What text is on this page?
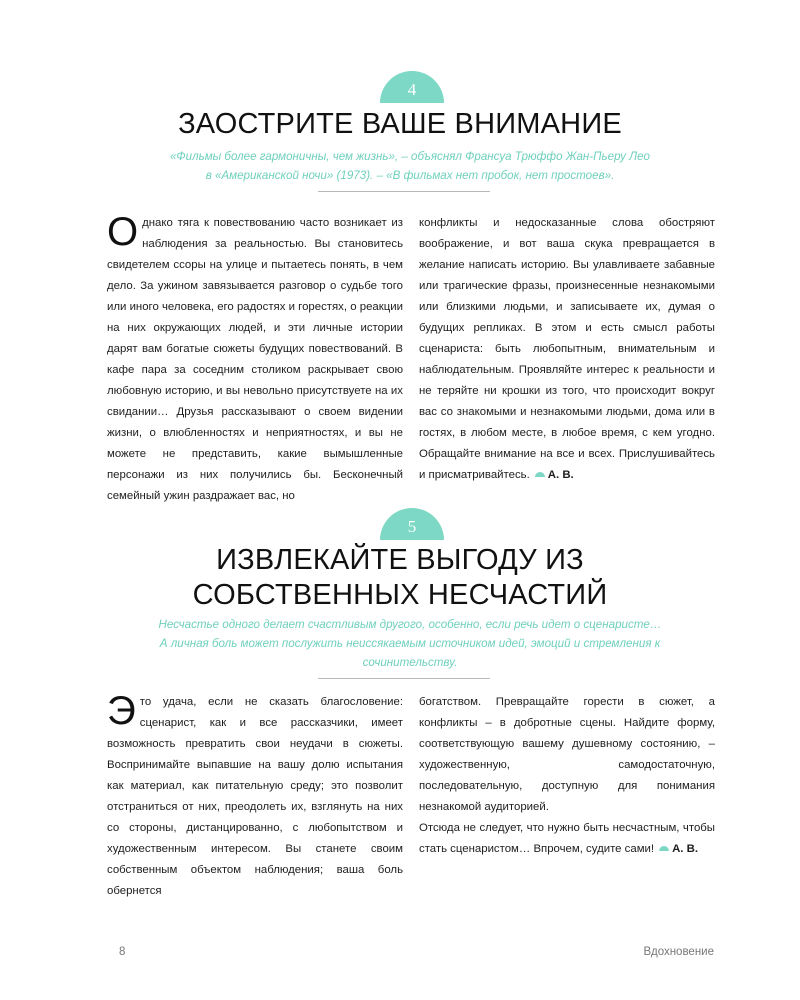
4
ЗАОСТРИТЕ ВАШЕ ВНИМАНИЕ
«Фильмы более гармоничны, чем жизнь», – объяснял Франсуа Трюффо Жан-Пьеру Лео
в «Американской ночи» (1973). – «В фильмах нет пробок, нет простоев».

Однако тяга к повествованию часто возникает из наблюдения за реальностью. Вы становитесь свидетелем ссоры на улице и пытаетесь понять, в чем дело. За ужином завязывается разговор о судьбе того или иного человека, его радостях и горестях, о реакции на них окружающих людей, и эти личные истории дарят вам богатые сюжеты будущих повествований. В кафе пара за соседним столиком раскрывает свою любовную историю, и вы невольно присутствуете на их свидании… Друзья рассказывают о своем видении жизни, о влюбленностях и неприятностях, и вы не можете не представить, какие вымышленные персонажи из них получились бы. Бесконечный семейный ужин раздражает вас, но

конфликты и недосказанные слова обостряют воображение, и вот ваша скука превращается в желание написать историю. Вы улавливаете забавные или трагические фразы, произнесенные незнакомыми или близкими людьми, и записываете их, думая о будущих репликах. В этом и есть смысл работы сценариста: быть любопытным, внимательным и наблюдательным. Проявляйте интерес к реальности и не теряйте ни крошки из того, что происходит вокруг вас со знакомыми и незнакомыми людьми, дома или в гостях, в любом месте, в любое время, с кем угодно. Обращайте внимание на все и всех. Прислушивайтесь и присматривайтесь. А. В.

5
ИЗВЛЕКАЙТЕ ВЫГОДУ ИЗ
СОБСТВЕННЫХ НЕСЧАСТИЙ
Несчастье одного делает счастливым другого, особенно, если речь идет о сценаристе…
А личная боль может послужить неиссякаемым источником идей, эмоций и стремления к
сочинительству.

Это удача, если не сказать благословение: сценарист, как и все рассказчики, имеет возможность превратить свои неудачи в сюжеты. Воспринимайте выпавшие на вашу долю испытания как материал, как питательную среду; это позволит отстраниться от них, преодолеть их, взглянуть на них со стороны, дистанцированно, с любопытством и художественным интересом. Вы станете своим собственным объектом наблюдения; ваша боль обернется

богатством. Превращайте горести в сюжет, а конфликты – в добротные сцены. Найдите форму, соответствующую вашему душевному состоянию, – художественную, самодостаточную, последовательную, доступную для понимания незнакомой аудиторией.

Отсюда не следует, что нужно быть несчастным, чтобы стать сценаристом… Впрочем, судите сами! А. В.

8	Вдохновение
